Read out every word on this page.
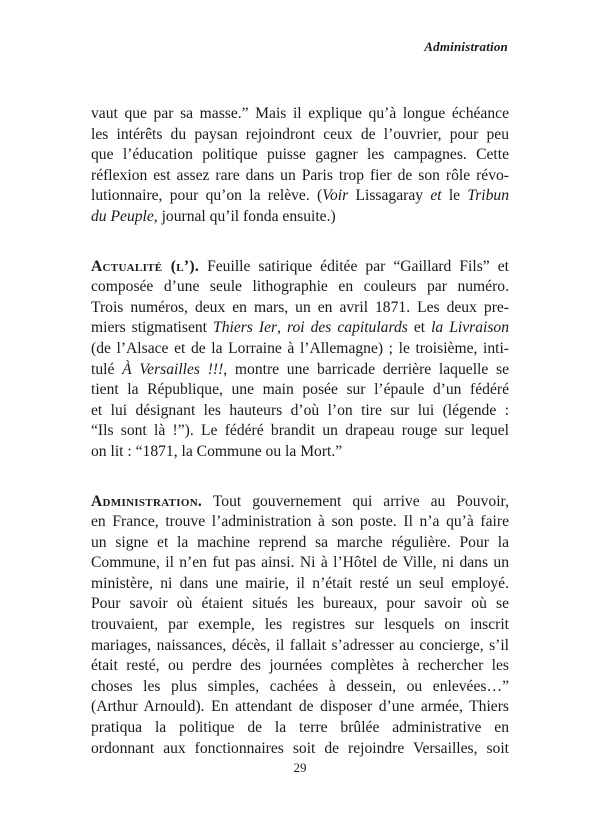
Administration
vaut que par sa masse.” Mais il explique qu’à longue échéance
les intérêts du paysan rejoindront ceux de l’ouvrier, pour peu
que l’éducation politique puisse gagner les campagnes. Cette
réflexion est assez rare dans un Paris trop fier de son rôle révo-
lutionnaire, pour qu’on la relève. (Voir Lissagaray et le Tribun
du Peuple, journal qu’il fonda ensuite.)
Actualité (l’). Feuille satirique éditée par “Gaillard Fils” et
composée d’une seule lithographie en couleurs par numéro.
Trois numéros, deux en mars, un en avril 1871. Les deux pre-
miers stigmatisent Thiers Ier, roi des capitulards et la Livraison
(de l’Alsace et de la Lorraine à l’Allemagne) ; le troisième, inti-
tulé À Versailles !!!, montre une barricade derrière laquelle se
tient la République, une main posée sur l’épaule d’un fédéré
et lui désignant les hauteurs d’où l’on tire sur lui (légende :
“Ils sont là !”). Le fédéré brandit un drapeau rouge sur lequel
on lit : “1871, la Commune ou la Mort.”
Administration. Tout gouvernement qui arrive au Pouvoir,
en France, trouve l’administration à son poste. Il n’a qu’à faire
un signe et la machine reprend sa marche régulière. Pour la
Commune, il n’en fut pas ainsi. Ni à l’Hôtel de Ville, ni dans un
ministère, ni dans une mairie, il n’était resté un seul employé.
Pour savoir où étaient situés les bureaux, pour savoir où se
trouvaient, par exemple, les registres sur lesquels on inscrit
mariages, naissances, décès, il fallait s’adresser au concierge, s’il
était resté, ou perdre des journées complètes à rechercher les
choses les plus simples, cachées à dessein, ou enlevées…”
(Arthur Arnould). En attendant de disposer d’une armée, Thiers
pratiqua la politique de la terre brûlée administrative en
ordonnant aux fonctionnaires soit de rejoindre Versailles, soit
29
